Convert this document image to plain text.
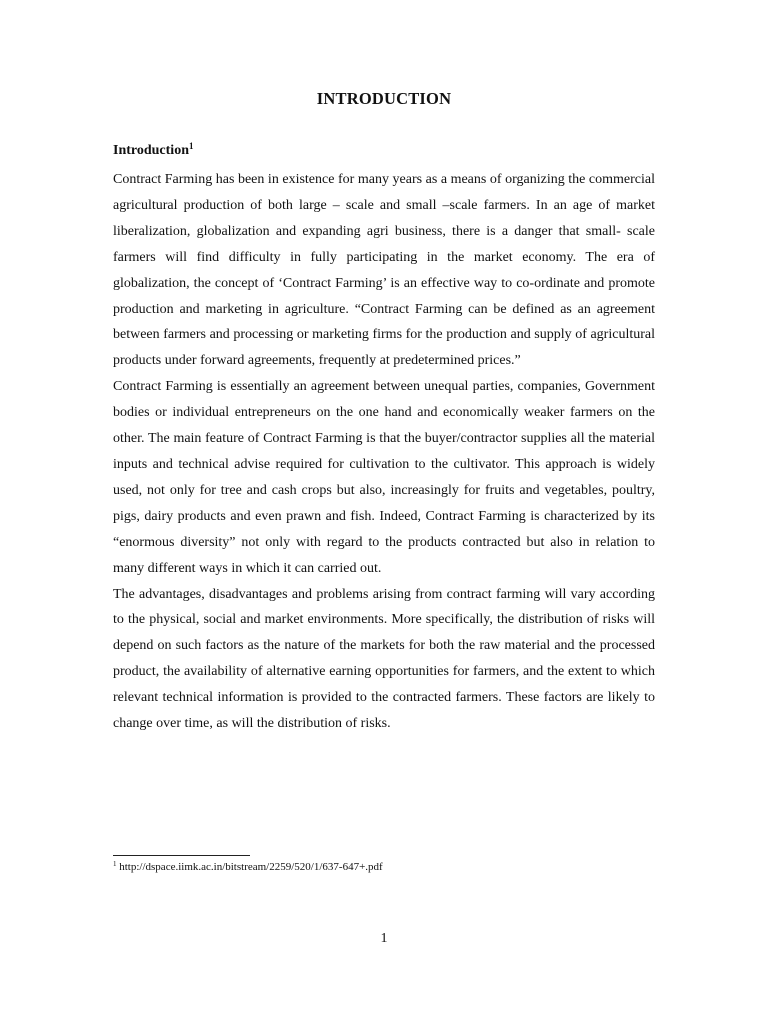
INTRODUCTION
Introduction$^1$

Contract Farming has been in existence for many years as a means of organizing the commercial agricultural production of both large – scale and small –scale farmers. In an age of market liberalization, globalization and expanding agri business, there is a danger that small- scale farmers will find difficulty in fully participating in the market economy. The era of globalization, the concept of ‘Contract Farming’ is an effective way to co-ordinate and promote production and marketing in agriculture. “Contract Farming can be defined as an agreement between farmers and processing or marketing firms for the production and supply of agricultural products under forward agreements, frequently at predetermined prices.”

Contract Farming is essentially an agreement between unequal parties, companies, Government bodies or individual entrepreneurs on the one hand and economically weaker farmers on the other. The main feature of Contract Farming is that the buyer/contractor supplies all the material inputs and technical advise required for cultivation to the cultivator. This approach is widely used, not only for tree and cash crops but also, increasingly for fruits and vegetables, poultry, pigs, dairy products and even prawn and fish. Indeed, Contract Farming is characterized by its “enormous diversity” not only with regard to the products contracted but also in relation to many different ways in which it can carried out.

The advantages, disadvantages and problems arising from contract farming will vary according to the physical, social and market environments. More specifically, the distribution of risks will depend on such factors as the nature of the markets for both the raw material and the processed product, the availability of alternative earning opportunities for farmers, and the extent to which relevant technical information is provided to the contracted farmers. These factors are likely to change over time, as will the distribution of risks.

$^1$ http://dspace.iimk.ac.in/bitstream/2259/520/1/637-647+.pdf

1
